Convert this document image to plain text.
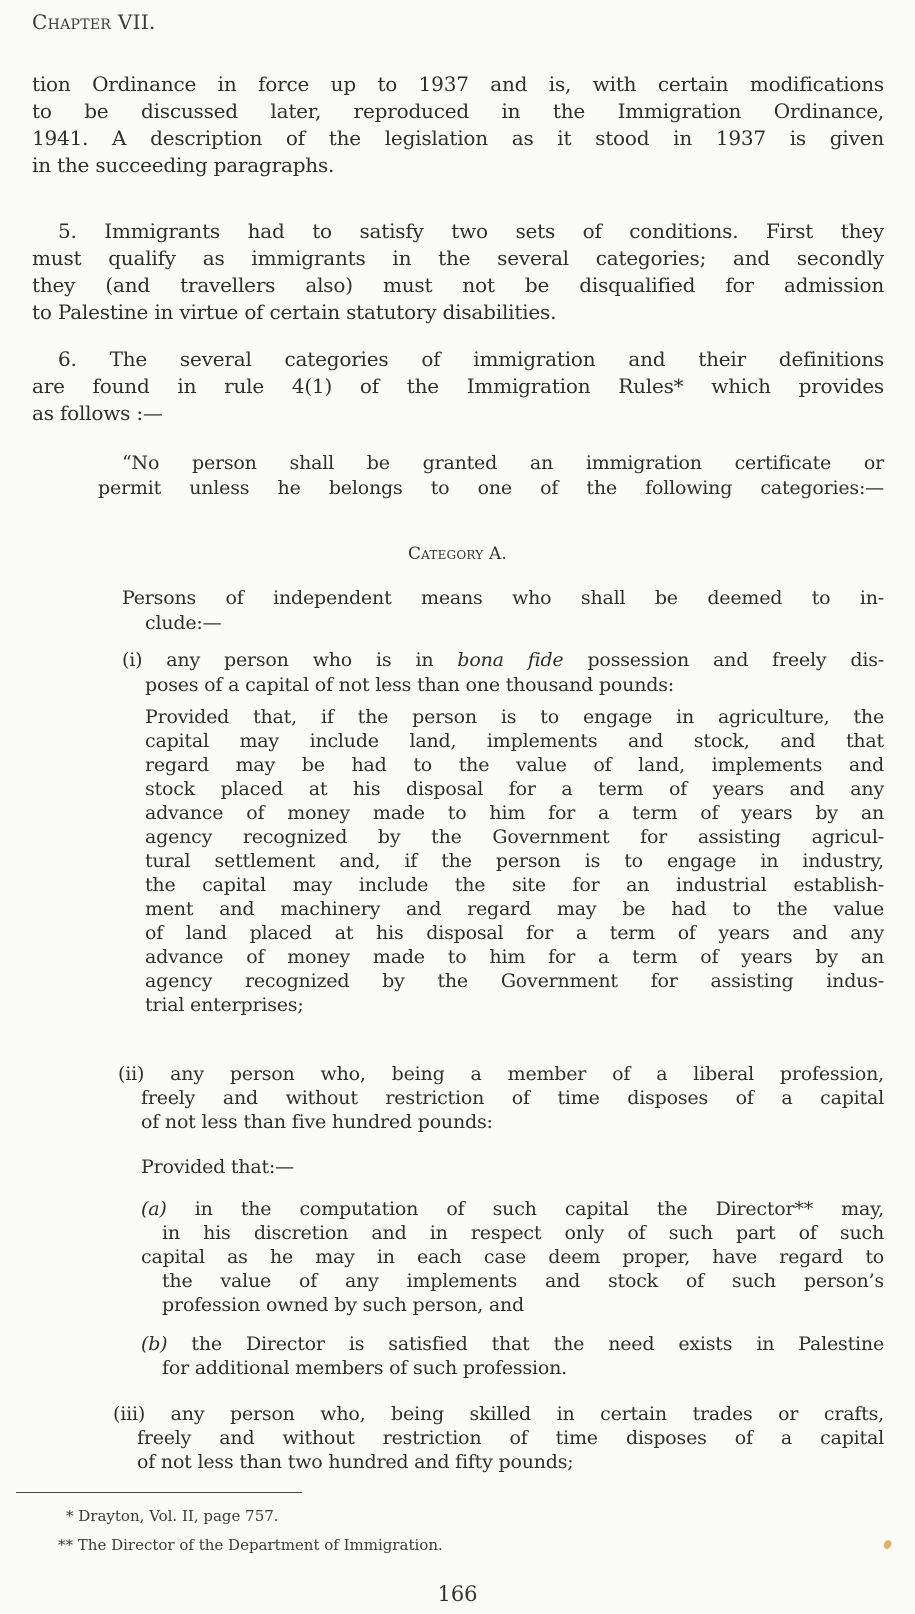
Chapter VII.
tion Ordinance in force up to 1937 and is, with certain modifications
to be discussed later, reproduced in the Immigration Ordinance,
1941. A description of the legislation as it stood in 1937 is given
in the succeeding paragraphs.
5. Immigrants had to satisfy two sets of conditions. First they
must qualify as immigrants in the several categories; and secondly
they (and travellers also) must not be disqualified for admission
to Palestine in virtue of certain statutory disabilities.
6. The several categories of immigration and their definitions
are found in rule 4(1) of the Immigration Rules* which provides
as follows :—
“No person shall be granted an immigration certificate or
permit unless he belongs to one of the following categories:—
Category A.
Persons of independent means who shall be deemed to in-
clude:—
(i) any person who is in bona fide possession and freely dis-
poses of a capital of not less than one thousand pounds:
Provided that, if the person is to engage in agriculture, the
capital may include land, implements and stock, and that
regard may be had to the value of land, implements and
stock placed at his disposal for a term of years and any
advance of money made to him for a term of years by an
agency recognized by the Government for assisting agricul-
tural settlement and, if the person is to engage in industry,
the capital may include the site for an industrial establish-
ment and machinery and regard may be had to the value
of land placed at his disposal for a term of years and any
advance of money made to him for a term of years by an
agency recognized by the Government for assisting indus-
trial enterprises;
(ii) any person who, being a member of a liberal profession,
freely and without restriction of time disposes of a capital
of not less than five hundred pounds:
Provided that:—
(a) in the computation of such capital the Director** may,
in his discretion and in respect only of such part of such
capital as he may in each case deem proper, have regard to
the value of any implements and stock of such person’s
profession owned by such person, and
(b) the Director is satisfied that the need exists in Palestine
for additional members of such profession.
(iii) any person who, being skilled in certain trades or crafts,
freely and without restriction of time disposes of a capital
of not less than two hundred and fifty pounds;
* Drayton, Vol. II, page 757.
** The Director of the Department of Immigration.
166
